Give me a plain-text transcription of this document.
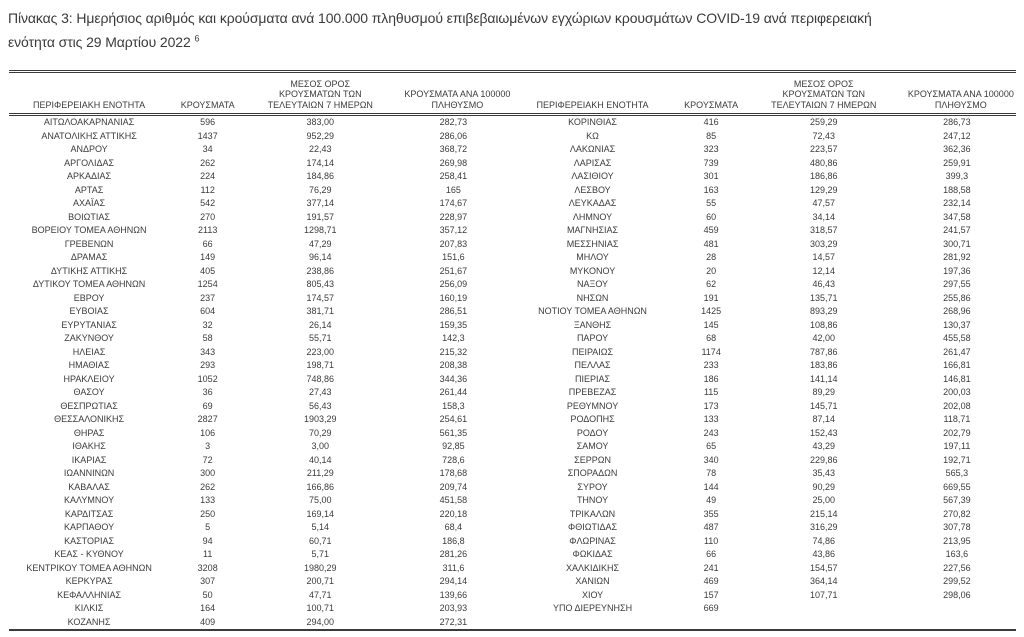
Πίνακας 3: Ημερήσιος αριθμός και κρούσματα ανά 100.000 πληθυσμού επιβεβαιωμένων εγχώριων κρουσμάτων COVID-19 ανά περιφερειακή
ενότητα στις 29 Μαρτίου 2022 $^6$
ΠΕΡΙΦΕΡΕΙΑΚΗ ΕΝΟΤΗΤΑ	ΚΡΟΥΣΜΑΤΑ	ΜΕΣΟΣ ΟΡΟΣ ΚΡΟΥΣΜΑΤΩΝ ΤΩΝ ΤΕΛΕΥΤΑΙΩΝ 7 ΗΜΕΡΩΝ	ΚΡΟΥΣΜΑΤΑ ΑΝΑ 100000 ΠΛΗΘΥΣΜΟ	ΠΕΡΙΦΕΡΕΙΑΚΗ ΕΝΟΤΗΤΑ	ΚΡΟΥΣΜΑΤΑ	ΜΕΣΟΣ ΟΡΟΣ ΚΡΟΥΣΜΑΤΩΝ ΤΩΝ ΤΕΛΕΥΤΑΙΩΝ 7 ΗΜΕΡΩΝ	ΚΡΟΥΣΜΑΤΑ ΑΝΑ 100000 ΠΛΗΘΥΣΜΟ
ΑΙΤΩΛΟΑΚΑΡΝΑΝΙΑΣ	596	383,00	282,73	ΚΟΡΙΝΘΙΑΣ	416	259,29	286,73
ΑΝΑΤΟΛΙΚΗΣ ΑΤΤΙΚΗΣ	1437	952,29	286,06	ΚΩ	85	72,43	247,12
ΑΝΔΡΟΥ	34	22,43	368,72	ΛΑΚΩΝΙΑΣ	323	223,57	362,36
ΑΡΓΟΛΙΔΑΣ	262	174,14	269,98	ΛΑΡΙΣΑΣ	739	480,86	259,91
ΑΡΚΑΔΙΑΣ	224	184,86	258,41	ΛΑΣΙΘΙΟΥ	301	186,86	399,3
ΑΡΤΑΣ	112	76,29	165	ΛΕΣΒΟΥ	163	129,29	188,58
ΑΧΑΪΑΣ	542	377,14	174,67	ΛΕΥΚΑΔΑΣ	55	47,57	232,14
ΒΟΙΩΤΙΑΣ	270	191,57	228,97	ΛΗΜΝΟΥ	60	34,14	347,58
ΒΟΡΕΙΟΥ ΤΟΜΕΑ ΑΘΗΝΩΝ	2113	1298,71	357,12	ΜΑΓΝΗΣΙΑΣ	459	318,57	241,57
ΓΡΕΒΕΝΩΝ	66	47,29	207,83	ΜΕΣΣΗΝΙΑΣ	481	303,29	300,71
ΔΡΑΜΑΣ	149	96,14	151,6	ΜΗΛΟΥ	28	14,57	281,92
ΔΥΤΙΚΗΣ ΑΤΤΙΚΗΣ	405	238,86	251,67	ΜΥΚΟΝΟΥ	20	12,14	197,36
ΔΥΤΙΚΟΥ ΤΟΜΕΑ ΑΘΗΝΩΝ	1254	805,43	256,09	ΝΑΞΟΥ	62	46,43	297,55
ΕΒΡΟΥ	237	174,57	160,19	ΝΗΣΩΝ	191	135,71	255,86
ΕΥΒΟΙΑΣ	604	381,71	286,51	ΝΟΤΙΟΥ ΤΟΜΕΑ ΑΘΗΝΩΝ	1425	893,29	268,96
ΕΥΡΥΤΑΝΙΑΣ	32	26,14	159,35	ΞΑΝΘΗΣ	145	108,86	130,37
ΖΑΚΥΝΘΟΥ	58	55,71	142,3	ΠΑΡΟΥ	68	42,00	455,58
ΗΛΕΙΑΣ	343	223,00	215,32	ΠΕΙΡΑΙΩΣ	1174	787,86	261,47
ΗΜΑΘΙΑΣ	293	198,71	208,38	ΠΕΛΛΑΣ	233	183,86	166,81
ΗΡΑΚΛΕΙΟΥ	1052	748,86	344,36	ΠΙΕΡΙΑΣ	186	141,14	146,81
ΘΑΣΟΥ	36	27,43	261,44	ΠΡΕΒΕΖΑΣ	115	89,29	200,03
ΘΕΣΠΡΩΤΙΑΣ	69	56,43	158,3	ΡΕΘΥΜΝΟΥ	173	145,71	202,08
ΘΕΣΣΑΛΟΝΙΚΗΣ	2827	1903,29	254,61	ΡΟΔΟΠΗΣ	133	87,14	118,71
ΘΗΡΑΣ	106	70,29	561,35	ΡΟΔΟΥ	243	152,43	202,79
ΙΘΑΚΗΣ	3	3,00	92,85	ΣΑΜΟΥ	65	43,29	197,11
ΙΚΑΡΙΑΣ	72	40,14	728,6	ΣΕΡΡΩΝ	340	229,86	192,71
ΙΩΑΝΝΙΝΩΝ	300	211,29	178,68	ΣΠΟΡΑΔΩΝ	78	35,43	565,3
ΚΑΒΑΛΑΣ	262	166,86	209,74	ΣΥΡΟΥ	144	90,29	669,55
ΚΑΛΥΜΝΟΥ	133	75,00	451,58	ΤΗΝΟΥ	49	25,00	567,39
ΚΑΡΔΙΤΣΑΣ	250	169,14	220,18	ΤΡΙΚΑΛΩΝ	355	215,14	270,82
ΚΑΡΠΑΘΟΥ	5	5,14	68,4	ΦΘΙΩΤΙΔΑΣ	487	316,29	307,78
ΚΑΣΤΟΡΙΑΣ	94	60,71	186,8	ΦΛΩΡΙΝΑΣ	110	74,86	213,95
ΚΕΑΣ - ΚΥΘΝΟΥ	11	5,71	281,26	ΦΩΚΙΔΑΣ	66	43,86	163,6
ΚΕΝΤΡΙΚΟΥ ΤΟΜΕΑ ΑΘΗΝΩΝ	3208	1980,29	311,6	ΧΑΛΚΙΔΙΚΗΣ	241	154,57	227,56
ΚΕΡΚΥΡΑΣ	307	200,71	294,14	ΧΑΝΙΩΝ	469	364,14	299,52
ΚΕΦΑΛΛΗΝΙΑΣ	50	47,71	139,66	ΧΙΟΥ	157	107,71	298,06
ΚΙΛΚΙΣ	164	100,71	203,93	ΥΠΟ ΔΙΕΡΕΥΝΗΣΗ	669		
ΚΟΖΑΝΗΣ	409	294,00	272,31				
